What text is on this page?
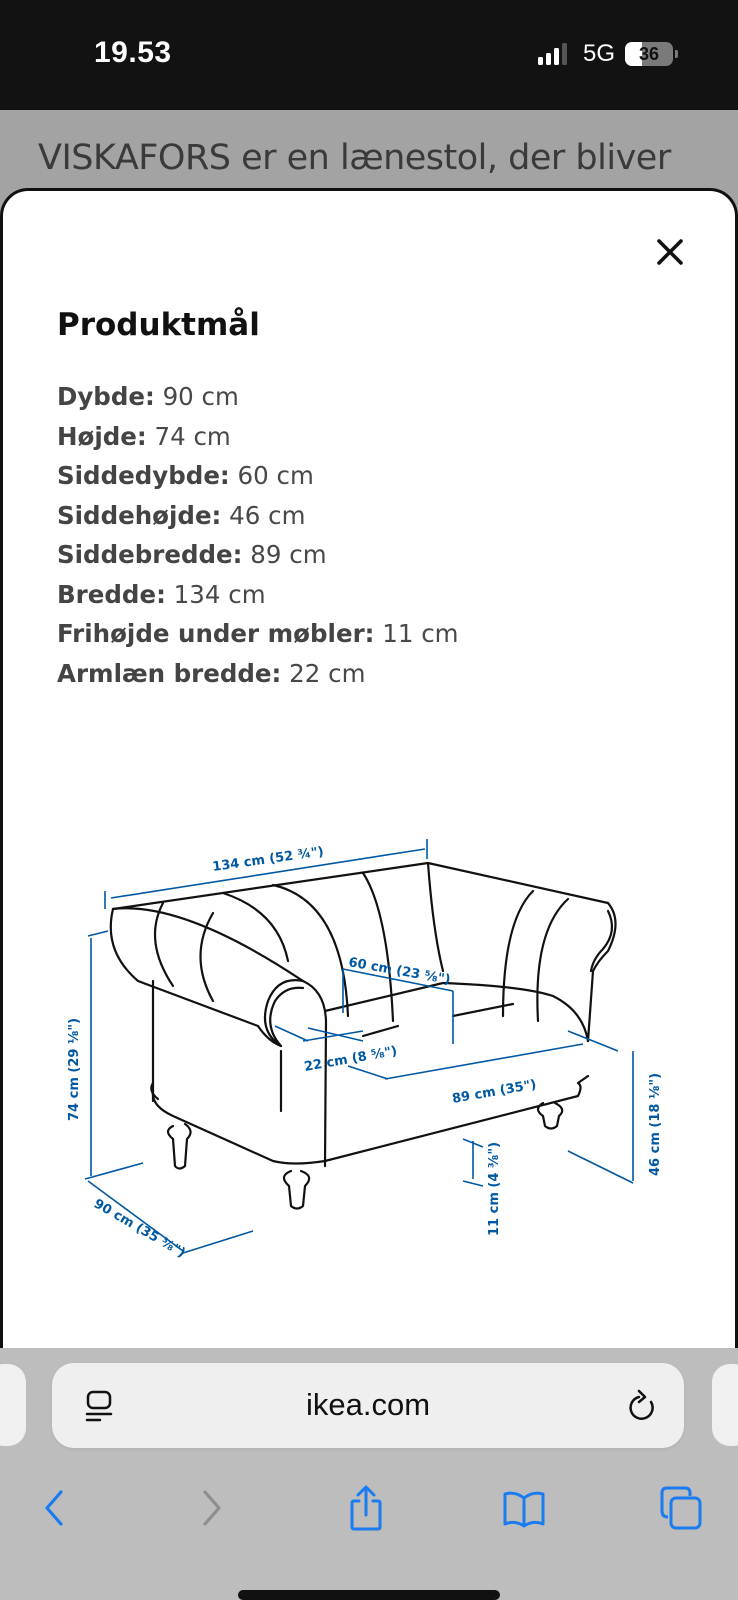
19.53	5G	36
VISKAFORS er en lænestol, der bliver
Produktmål
Dybde: 90 cm
Højde: 74 cm
Siddedybde: 60 cm
Siddehøjde: 46 cm
Siddebredde: 89 cm
Bredde: 134 cm
Frihøjde under møbler: 11 cm
Armlæn bredde: 22 cm
134 cm (52 ¾")
74 cm (29 ⅛")
90 cm (35 ⅜")
60 cm (23 ⅝")
22 cm (8 ⅝")
89 cm (35")	46 cm (18 ⅛")
11 cm (4 ⅜")
ikea.com
